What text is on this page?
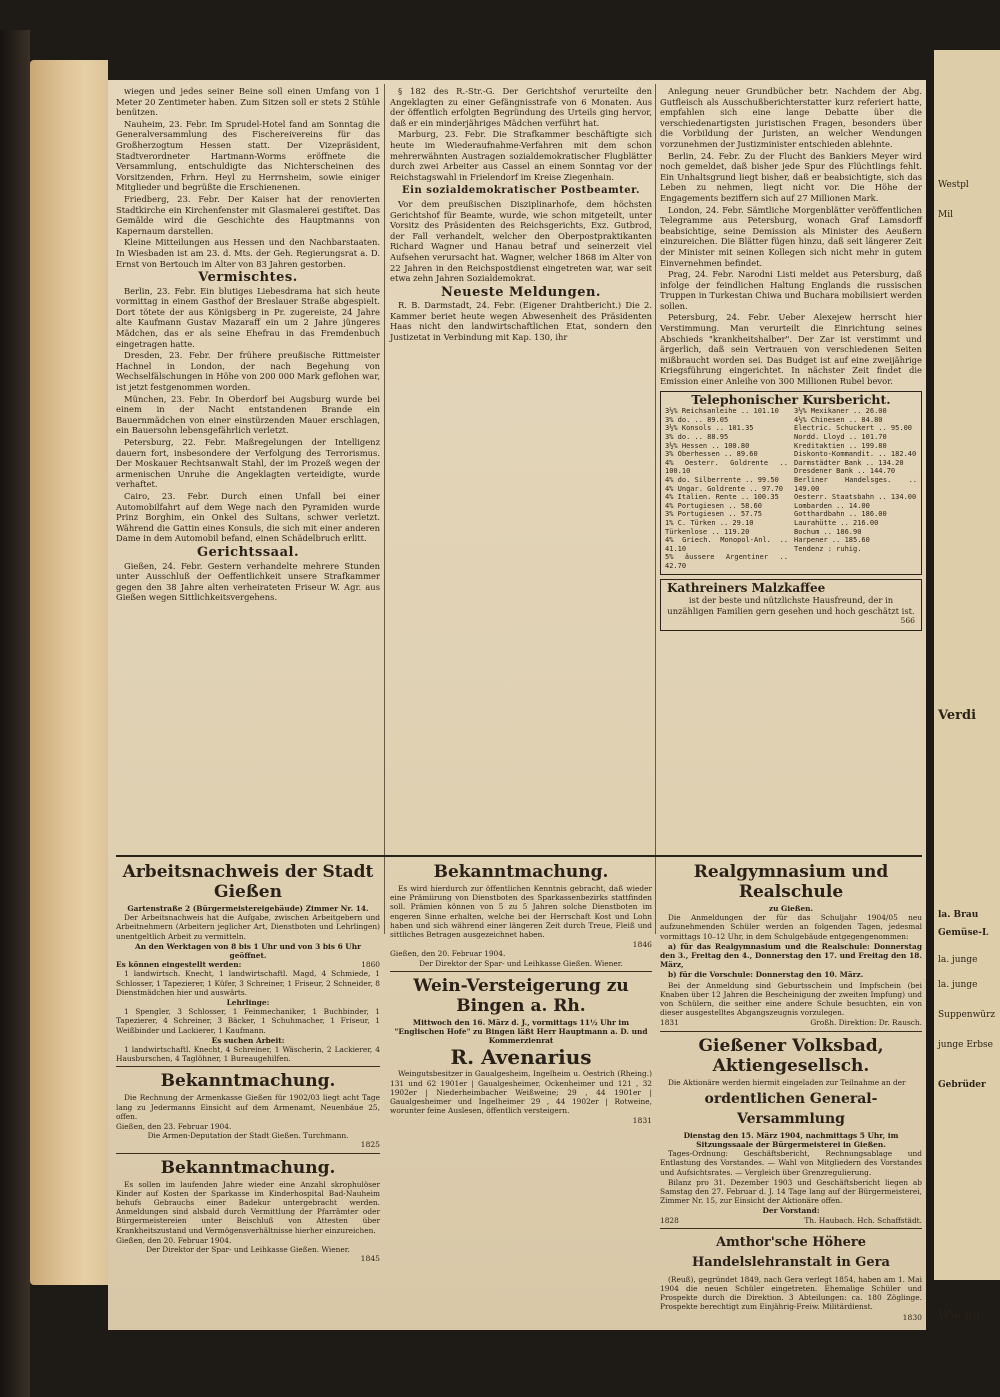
wiegen und jedes seiner Beine soll einen Umfang von 1 Meter 20 Zentimeter haben. Zum Sitzen soll er stets 2 Stühle benützen.

Nauheim, 23. Febr. Im Sprudel-Hotel fand am Sonntag die Generalversammlung des Fischereivereins für das Großherzogtum Hessen statt. Der Vizepräsident, Stadtverordneter Hartmann-Worms eröffnete die Versammlung, entschuldigte das Nichterscheinen des Vorsitzenden, Frhrn. Heyl zu Herrnsheim, sowie einiger Mitglieder und begrüßte die Erschienenen.

Friedberg, 23. Febr. Der Kaiser hat der renovierten Stadtkirche ein Kirchenfenster mit Glasmalerei gestiftet. Das Gemälde wird die Geschichte des Hauptmanns von Kapernaum darstellen.

Kleine Mitteilungen aus Hessen und den Nachbarstaaten. In Wiesbaden ist am 23. d. Mts. der Geh. Regierungsrat a. D. Ernst von Bertouch im Alter von 83 Jahren gestorben.

Vermischtes.

Berlin, 23. Febr. Ein blutiges Liebesdrama hat sich heute vormittag in einem Gasthof der Breslauer Straße abgespielt. Dort tötete der aus Königsberg in Pr. zugereiste, 24 Jahre alte Kaufmann Gustav Mazaraff ein um 2 Jahre jüngeres Mädchen, das er als seine Ehefrau in das Fremdenbuch eingetragen hatte.

Dresden, 23. Febr. Der frühere preußische Rittmeister Hachnel in London, der nach Begehung von Wechselfälschungen in Höhe von 200 000 Mark geflohen war, ist jetzt festgenommen worden.

München, 23. Febr. In Oberdorf bei Augsburg wurde bei einem in der Nacht entstandenen Brande ein Bauernmädchen von einer einstürzenden Mauer erschlagen, ein Bauersohn lebensgefährlich verletzt.

Petersburg, 22. Febr. Maßregelungen der Intelligenz dauern fort, insbesondere der Verfolgung des Terrorismus. Der Moskauer Rechtsanwalt Stahl, der im Prozeß wegen der armenischen Unruhe die Angeklagten verteidigte, wurde verhaftet.

Cairo, 23. Febr. Durch einen Unfall bei einer Automobilfahrt auf dem Wege nach den Pyramiden wurde Prinz Borghim, ein Onkel des Sultans, schwer verletzt. Während die Gattin eines Konsuls, die sich mit einer anderen Dame in dem Automobil befand, einen Schädelbruch erlitt.

Gerichtssaal.

Gießen, 24. Febr. Gestern verhandelte mehrere Stunden unter Ausschluß der Oeffentlichkeit unsere Strafkammer gegen den 38 Jahre alten verheirateten Friseur W. Agr. aus Gießen wegen Sittlichkeitsvergehens.

§ 182 des R.-Str.-G. Der Gerichtshof verurteilte den Angeklagten zu einer Gefängnisstrafe von 6 Monaten. Aus der öffentlich erfolgten Begründung des Urteils ging hervor, daß er ein minderjähriges Mädchen verführt hat.

Marburg, 23. Febr. Die Strafkammer beschäftigte sich heute im Wiederaufnahme-Verfahren mit dem schon mehrerwähnten Austragen sozialdemokratischer Flugblätter durch zwei Arbeiter aus Cassel an einem Sonntag vor der Reichstagswahl in Frielendorf im Kreise Ziegenhain.

Ein sozialdemokratischer Postbeamter.

Vor dem preußischen Disziplinarhofe, dem höchsten Gerichtshof für Beamte, wurde, wie schon mitgeteilt, unter Vorsitz des Präsidenten des Reichsgerichts, Exz. Gutbrod, der Fall verhandelt, welcher den Oberpostpraktikanten Richard Wagner und Hanau betraf und seinerzeit viel Aufsehen verursacht hat. Wagner, welcher 1868 im Alter von 22 Jahren in den Reichspostdienst eingetreten war, war seit etwa zehn Jahren Sozialdemokrat.

Neueste Meldungen.

R. B. Darmstadt, 24. Febr. (Eigener Drahtbericht.) Die 2. Kammer beriet heute wegen Abwesenheit des Präsidenten Haas nicht den landwirtschaftlichen Etat, sondern den Justizetat in Verbindung mit Kap. 130, ihr

Anlegung neuer Grundbücher betr. Nachdem der Abg. Gutfleisch als Ausschußberichterstatter kurz referiert hatte, empfahlen sich eine lange Debatte über die verschiedenartigsten juristischen Fragen, besonders über die Vorbildung der Juristen, an welcher Wendungen vorzunehmen der Justizminister entschieden ablehnte.

Berlin, 24. Febr. Zu der Flucht des Bankiers Meyer wird noch gemeldet, daß bisher jede Spur des Flüchtlings fehlt. Ein Unhaltsgrund liegt bisher, daß er beabsichtigte, sich das Leben zu nehmen, liegt nicht vor. Die Höhe der Engagements beziffern sich auf 27 Millionen Mark.

London, 24. Febr. Sämtliche Morgenblätter veröffentlichen Telegramme aus Petersburg, wonach Graf Lamsdorff beabsichtige, seine Demission als Minister des Aeußern einzureichen. Die Blätter fügen hinzu, daß seit längerer Zeit der Minister mit seinen Kollegen sich nicht mehr in gutem Einvernehmen befindet.

Prag, 24. Febr. Narodni Listi meldet aus Petersburg, daß infolge der feindlichen Haltung Englands die russischen Truppen in Turkestan Chiwa und Buchara mobilisiert werden sollen.

Petersburg, 24. Febr. Ueber Alexejew herrscht hier Verstimmung. Man verurteilt die Einrichtung seines Abschieds "krankheitshalber". Der Zar ist verstimmt und ärgerlich, daß sein Vertrauen von verschiedenen Seiten mißbraucht worden sei. Das Budget ist auf eine zweijährige Kriegsführung eingerichtet. In nächster Zeit findet die Emission einer Anleihe von 300 Millionen Rubel bevor.

Telephonischer Kursbericht.
3½% Reichsanleihe .. 101.10
3% do. .. 89.05
3½% Konsols .. 101.35
3% do. .. 88.95
3½% Hessen .. 100.80
3% Oberhessen .. 89.60
4% Oesterr. Goldrente .. 100.10
4% do. Silberrente .. 99.50
4% Ungar. Goldrente .. 97.70
4% Italien. Rente .. 100.35
4% Portugiesen .. 58.60
3% Portugiesen .. 57.75
1% C. Türken .. 29.10
Türkenlose .. 119.20
4% Griech. Monopol-Anl. .. 41.10
5% äussere Argentiner .. 42.70
3½% Mexikaner .. 26.00
4½% Chinesen .. 84.80
Electric. Schuckert .. 95.00
Nordd. Lloyd .. 101.70
Kreditaktien .. 199.80
Diskonto-Kommandit. .. 182.40
Darmstädter Bank .. 134.20
Dresdener Bank .. 144.70
Berliner Handelsges. .. 149.00
Oesterr. Staatsbahn .. 134.00
Lombarden .. 14.00
Gotthardbahn .. 186.00
Laurahütte .. 216.00
Bochum .. 186.90
Harpener .. 185.60
Tendenz : ruhig.
Kathreiners Malzkaffee
ist der beste und nützlichste Hausfreund, der in unzähligen Familien gern gesehen und hoch geschätzt ist.
566
Arbeitsnachweis der Stadt Gießen
Gartenstraße 2 (Bürgermeistereigebäude) Zimmer Nr. 14.

Der Arbeitsnachweis hat die Aufgabe, zwischen Arbeitgebern und Arbeitnehmern (Arbeitern jeglicher Art, Dienstboten und Lehrlingen) unentgeltlich Arbeit zu vermitteln.

An den Werktagen von 8 bis 1 Uhr und von 3 bis 6 Uhr geöffnet.
Es können eingestellt werden:	1860

1 landwirtsch. Knecht, 1 landwirtschaftl. Magd, 4 Schmiede, 1 Schlosser, 1 Tapezierer, 1 Küfer, 3 Schreiner, 1 Friseur, 2 Schneider, 8 Dienstmädchen hier und auswärts.

Lehrlinge:

1 Spengler, 3 Schlosser, 1 Feinmechaniker, 1 Buchbinder, 1 Tapezierer, 4 Schreiner, 3 Bäcker, 1 Schuhmacher, 1 Friseur, 1 Weißbinder und Lackierer, 1 Kaufmann.

Es suchen Arbeit:

1 landwirtschaftl. Knecht, 4 Schreiner, 1 Wäscherin, 2 Lackierer, 4 Hausburschen, 4 Taglöhner, 1 Bureaugehilfen.

Bekanntmachung.

Die Rechnung der Armenkasse Gießen für 1902/03 liegt acht Tage lang zu Jedermanns Einsicht auf dem Armenamt, Neuenbäue 25, offen.

Gießen, den 23. Februar 1904.
Die Armen-Deputation der Stadt Gießen. Turchmann.
1825
Bekanntmachung.

Es sollen im laufenden Jahre wieder eine Anzahl skrophulöser Kinder auf Kosten der Sparkasse im Kinderhospital Bad-Nauheim behufs Gebrauchs einer Badekur untergebracht werden. Anmeldungen sind alsbald durch Vermittlung der Pfarrämter oder Bürgermeistereien unter Beischluß von Attesten über Krankheitszustand und Vermögensverhältnisse hierher einzureichen.

Gießen, den 20. Februar 1904.
Der Direktor der Spar- und Leihkasse Gießen. Wiener.
1845
Bekanntmachung.

Es wird hierdurch zur öffentlichen Kenntnis gebracht, daß wieder eine Prämiirung von Dienstboten des Sparkassenbezirks stattfinden soll. Prämien können von 5 zu 5 Jahren solche Dienstboten im engeren Sinne erhalten, welche bei der Herrschaft Kost und Lohn haben und sich während einer längeren Zeit durch Treue, Fleiß und sittliches Betragen ausgezeichnet haben.

1846
Gießen, den 20. Februar 1904.
Der Direktor der Spar- und Leihkasse Gießen. Wiener.
Wein-Versteigerung zu Bingen a. Rh.
Mittwoch den 16. März d. J., vormittags 11½ Uhr im "Englischen Hofe" zu Bingen läßt Herr Hauptmann a. D. und Kommerzienrat
R. Avenarius

Weingutsbesitzer in Gaualgesheim, Ingelheim u. Oestrich (Rheing.) 131 und 62 1901er | Gaualgesheimer, Ockenheimer und 121 , 32 1902er | Niederheimbacher Weißweine; 29 , 44 1901er | Gaualgesheimer und Ingelheimer 29 , 44 1902er | Rotweine, worunter feine Auslesen, öffentlich versteigern.

1831
Realgymnasium und Realschule
zu Gießen.

Die Anmeldungen der für das Schuljahr 1904/05 neu aufzunehmenden Schüler werden an folgenden Tagen, jedesmal vormittags 10–12 Uhr, in dem Schulgebäude entgegengenommen:

a) für das Realgymnasium und die Realschule: Donnerstag den 3., Freitag den 4., Donnerstag den 17. und Freitag den 18. März,

b) für die Vorschule: Donnerstag den 10. März.

Bei der Anmeldung sind Geburtsschein und Impfschein (bei Knaben über 12 Jahren die Bescheinigung der zweiten Impfung) und von Schülern, die seither eine andere Schule besuchten, ein von dieser ausgestelltes Abgangszeugnis vorzulegen.

1831	Großh. Direktion: Dr. Rausch.
Gießener Volksbad, Aktiengesellsch.

Die Aktionäre werden hiermit eingeladen zur Teilnahme an der

ordentlichen General-Versammlung
Dienstag den 15. März 1904, nachmittags 5 Uhr, im Sitzungssaale der Bürgermeisterei in Gießen.

Tages-Ordnung: Geschäftsbericht, Rechnungsablage und Entlastung des Vorstandes. — Wahl von Mitgliedern des Vorstandes und Aufsichtsrates. — Vergleich über Grenzregulierung.

Bilanz pro 31. Dezember 1903 und Geschäftsbericht liegen ab Samstag den 27. Februar d. J. 14 Tage lang auf der Bürgermeisterei, Zimmer Nr. 15, zur Einsicht der Aktionäre offen.

Der Vorstand:
1828	Th. Haubach. Hch. Schaffstädt.
Amthor'sche Höhere Handelslehranstalt in Gera

(Reuß), gegründet 1849, nach Gera verlegt 1854, haben am 1. Mai 1904 die neuen Schüler eingetreten. Ehemalige Schüler und Prospekte durch die Direktion. 3 Abteilungen: ca. 180 Zöglinge. Prospekte berechtigt zum Einjährig-Freiw. Militärdienst.

1830
Westpl
Mil
Verdi
la. Brau
Gemüse-L
la. junge
la. junge
Suppenwürz
junge Erbse
Gebrüder
Wie nu
